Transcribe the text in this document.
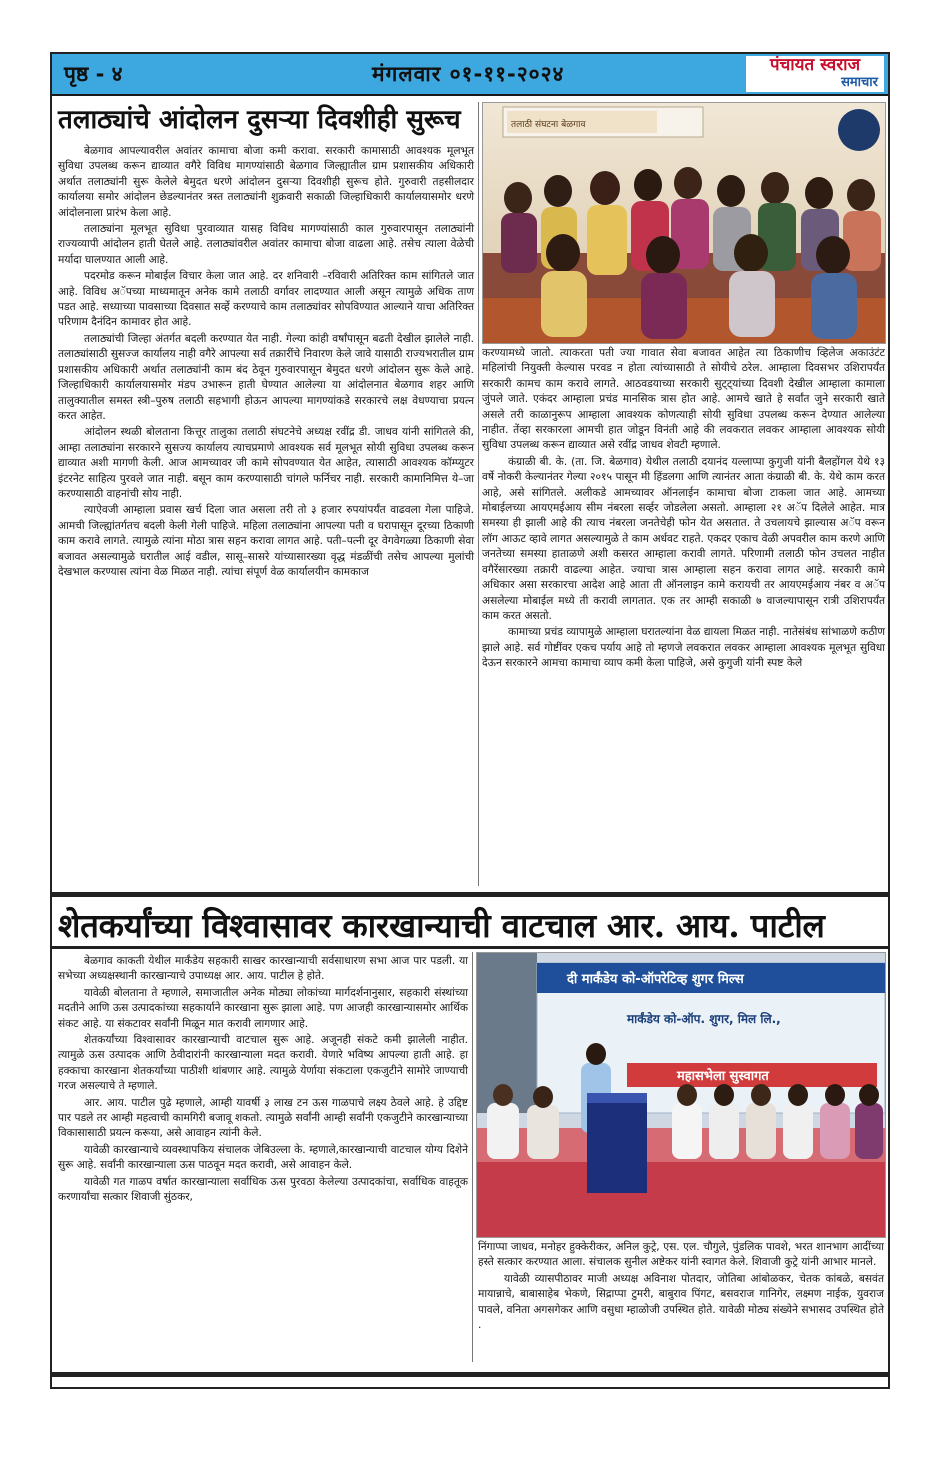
पृष्ठ - ४	मंगलवार ०१-११-२०२४	पंचायत स्वराज
समाचार
तलाठ्यांचे आंदोलन दुसऱ्या दिवशीही सुरूच

बेळगाव आपल्यावरील अवांतर कामाचा बोजा कमी करावा. सरकारी कामासाठी आवश्यक मूलभूत सुविधा उपलब्ध करून द्याव्यात वगैरे विविध मागण्यांसाठी बेळगाव जिल्ह्यातील ग्राम प्रशासकीय अधिकारी अर्थात तलाठ्यांनी सुरू केलेले बेमुदत धरणे आंदोलन दुसऱ्या दिवशीही सुरूच होते. गुरुवारी तहसीलदार कार्यालया समोर आंदोलन छेडल्यानंतर त्रस्त तलाठ्यांनी शुक्रवारी सकाळी जिल्हाधिकारी कार्यालयासमोर धरणे आंदोलनाला प्रारंभ केला आहे.

तलाठ्यांना मूलभूत सुविधा पुरवाव्यात यासह विविध मागण्यांसाठी काल गुरुवारपासून तलाठ्यांनी राज्यव्यापी आंदोलन हाती घेतले आहे. तलाठ्यांवरील अवांतर कामाचा बोजा वाढला आहे. तसेच त्याला वेळेची मर्यादा घालण्यात आली आहे.

पदरमोड करून मोबाईल विचार केला जात आहे. दर शनिवारी –रविवारी अतिरिक्त काम सांगितले जात आहे. विविध अॅपच्या माध्यमातून अनेक कामे तलाठी वर्गावर लादण्यात आली असून त्यामुळे अधिक ताण पडत आहे. सध्याच्या पावसाच्या दिवसात सर्व्हे करण्याचे काम तलाठ्यांवर सोपविण्यात आल्याने याचा अतिरिक्त परिणाम दैनंदिन कामावर होत आहे.

तलाठ्यांची जिल्हा अंतर्गत बदली करण्यात येत नाही. गेल्या कांही वर्षांपासून बढती देखील झालेले नाही. तलाठ्यांसाठी सुसज्ज कार्यालय नाही वगैरे आपल्या सर्व तक्रारींचे निवारण केले जावे यासाठी राज्यभरातील ग्राम प्रशासकीय अधिकारी अर्थात तलाठ्यांनी काम बंद ठेवून गुरुवारपासून बेमुदत धरणे आंदोलन सुरू केले आहे. जिल्हाधिकारी कार्यालयासमोर मंडप उभारून हाती घेण्यात आलेल्या या आंदोलनात बेळगाव शहर आणि तालुक्यातील समस्त स्त्री–पुरुष तलाठी सहभागी होऊन आपल्या मागण्यांकडे सरकारचे लक्ष वेधण्याचा प्रयत्न करत आहेत.

आंदोलन स्थळी बोलताना कित्तूर तालुका तलाठी संघटनेचे अध्यक्ष रवींद्र डी. जाधव यांनी सांगितले की, आम्हा तलाठ्यांना सरकारने सुसज्य कार्यालय त्याचप्रमाणे आवश्यक सर्व मूलभूत सोयी सुविधा उपलब्ध करून द्याव्यात अशी मागणी केली. आज आमच्यावर जी कामे सोपवण्यात येत आहेत, त्यासाठी आवश्यक कॉम्प्युटर इंटरनेट साहित्य पुरवले जात नाही. बसून काम करण्यासाठी चांगले फर्निचर नाही. सरकारी कामानिमित्त ये–जा करण्यासाठी वाहनांची सोय नाही.

त्याऐवजी आम्हाला प्रवास खर्च दिला जात असला तरी तो ३ हजार रुपयांपर्यंत वाढवला गेला पाहिजे. आमची जिल्ह्यांतर्गतच बदली केली गेली पाहिजे. महिला तलाठ्यांना आपल्या पती व घरापासून दूरच्या ठिकाणी काम करावे लागते. त्यामुळे त्यांना मोठा त्रास सहन करावा लागत आहे. पती–पत्नी दूर वेगवेगळ्या ठिकाणी सेवा बजावत असल्यामुळे घरातील आई वडील, सासू–सासरे यांच्यासारख्या वृद्ध मंडळींची तसेच आपल्या मुलांची देखभाल करण्यास त्यांना वेळ मिळत नाही. त्यांचा संपूर्ण वेळ कार्यालयीन कामकाज

तलाठी संघटना बेळगाव

करण्यामध्ये जातो. त्याकरता पती ज्या गावात सेवा बजावत आहेत त्या ठिकाणीच व्हिलेज अकाउंटंट महिलांची नियुक्ती केल्यास परवड न होता त्यांच्यासाठी ते सोयीचे ठरेल. आम्हाला दिवसभर उशिरापर्यंत सरकारी कामच काम करावे लागते. आठवडयाच्या सरकारी सुट्ट्यांच्या दिवशी देखील आम्हाला कामाला जुंपले जाते. एकंदर आम्हाला प्रचंड मानसिक त्रास होत आहे. आमचे खाते हे सर्वांत जुने सरकारी खाते असले तरी काळानुरूप आम्हाला आवश्यक कोणत्याही सोयी सुविधा उपलब्ध करून देण्यात आलेल्या नाहीत. तेंव्हा सरकारला आमची हात जोडून विनंती आहे की लवकरात लवकर आम्हाला आवश्यक सोयी सुविधा उपलब्ध करून द्याव्यात असे रवींद्र जाधव शेवटी म्हणाले.

कंग्राळी बी. के. (ता. जि. बेळगाव) येथील तलाठी दयानंद यल्लाप्पा कुगुजी यांनी बैलहोंगल येथे १३ वर्षे नोकरी केल्यानंतर गेल्या २०१५ पासून मी हिंडलगा आणि त्यानंतर आता कंग्राळी बी. के. येथे काम करत आहे, असे सांगितले. अलीकडे आमच्यावर ऑनलाईन कामाचा बोजा टाकला जात आहे. आमच्या मोबाईलच्या आयएमईआय सीम नंबरला सर्व्हर जोडलेला असतो. आम्हाला २१ अॅप दिलेले आहेत. मात्र समस्या ही झाली आहे की त्याच नंबरला जनतेचेही फोन येत असतात. ते उचलायचे झाल्यास अॅप वरून लॉग आऊट व्हावे लागत असल्यामुळे ते काम अर्धवट राहते. एकदर एकाच वेळी अपवरील काम करणे आणि जनतेच्या समस्या हाताळणे अशी कसरत आम्हाला करावी लागते. परिणामी तलाठी फोन उचलत नाहीत वगैरेंसारख्या तक्रारी वाढल्या आहेत. ज्याचा त्रास आम्हाला सहन करावा लागत आहे. सरकारी कामे अधिकार असा सरकारचा आदेश आहे आता ती ऑनलाइन कामे करायची तर आयएमईआय नंबर व अॅप असलेल्या मोबाईल मध्ये ती करावी लागतात. एक तर आम्ही सकाळी ७ वाजल्यापासून रात्री उशिरापर्यंत काम करत असतो.

कामाच्या प्रचंड व्यापामुळे आम्हाला घरातल्यांना वेळ द्यायला मिळत नाही. नातेसंबंध सांभाळणे कठीण झाले आहे. सर्व गोष्टींवर एकच पर्याय आहे तो म्हणजे लवकरात लवकर आम्हाला आवश्यक मूलभूत सुविधा देऊन सरकारने आमचा कामाचा व्याप कमी केला पाहिजे, असे कुगुजी यांनी स्पष्ट केले

शेतकर्यांच्या विश्वासावर कारखान्याची वाटचाल आर. आय. पाटील

बेळगाव काकती येथील मार्कंडेय सहकारी साखर कारखान्याची सर्वसाधारण सभा आज पार पडली. या सभेच्या अध्यक्षस्थानी कारखान्याचे उपाध्यक्ष आर. आय. पाटील हे होते.

यावेळी बोलताना ते म्हणाले, समाजातील अनेक मोठ्या लोकांच्या मार्गदर्शनानुसार, सहकारी संस्थांच्या मदतीने आणि ऊस उत्पादकांच्या सहकार्याने कारखाना सुरू झाला आहे. पण आजही कारखान्यासमोर आर्थिक संकट आहे. या संकटावर सर्वांनी मिळून मात करावी लागणार आहे.

शेतकर्यांच्या विश्वासावर कारखान्याची वाटचाल सुरू आहे. अजूनही संकटे कमी झालेली नाहीत. त्यामुळे ऊस उत्पादक आणि ठेवीदारांनी कारखान्याला मदत करावी. येणारे भविष्य आपल्या हाती आहे. हा हक्काचा कारखाना शेतकर्यांच्या पाठीशी थांबणार आहे. त्यामुळे येर्णाया संकटाला एकजुटीने सामोरे जाण्याची गरज असल्याचे ते म्हणाले.

आर. आय. पाटील पुढे म्हणाले, आम्ही यावर्षी ३ लाख टन ऊस गाळपाचे लक्ष्य ठेवले आहे. हे उद्दिष्ट पार पडले तर आम्ही महत्वाची कामगिरी बजावू शकतो. त्यामुळे सर्वांनी आम्ही सर्वांनी एकजुटीने कारखान्याच्या विकासासाठी प्रयत्न करूया, असे आवाहन त्यांनी केले.

यावेळी कारखान्याचे व्यवस्थापकिय संचालक जेबिउल्ला के. म्हणाले,कारखान्याची वाटचाल योग्य दिशेने सुरू आहे. सर्वांनी कारखान्याला ऊस पाठवून मदत करावी, असे आवाहन केले.

यावेळी गत गाळप वर्षात कारखान्याला सर्वाधिक ऊस पुरवठा केलेल्या उत्पादकांचा, सर्वाधिक वाहतूक करणार्यांचा सत्कार शिवाजी सुंठकर,

दी मार्कंडेय को-ऑपरेटिव्ह शुगर मिल्स
मार्कंडेय को-ऑप. शुगर, मिल लि.,
महासभेला सुस्वागत

निंगाप्पा जाधव, मनोहर हुक्केरीकर, अनिल कुट्रे, एस. एल. चौगुले, पुंडलिक पावशे, भरत शानभाग आदींच्या हस्ते सत्कार करण्यात आला. संचालक सुनील अष्टेकर यांनी स्वागत केले. शिवाजी कुट्रे यांनी आभार मानले.

यावेळी व्यासपीठावर माजी अध्यक्ष अविनाश पोतदार, जोतिबा आंबोळकर, चेतक कांबळे, बसवंत मायान्नाचे, बाबासाहेब भेकणे, सिद्राप्पा टुमरी, बाबुराव पिंगट, बसवराज गानिगेर, लक्ष्मण नाईक, युवराज पावले, वनिता अगसगेकर आणि वसुधा म्हाळोजी उपस्थित होते. यावेळी मोठ्य संख्येने सभासद उपस्थित होते .
